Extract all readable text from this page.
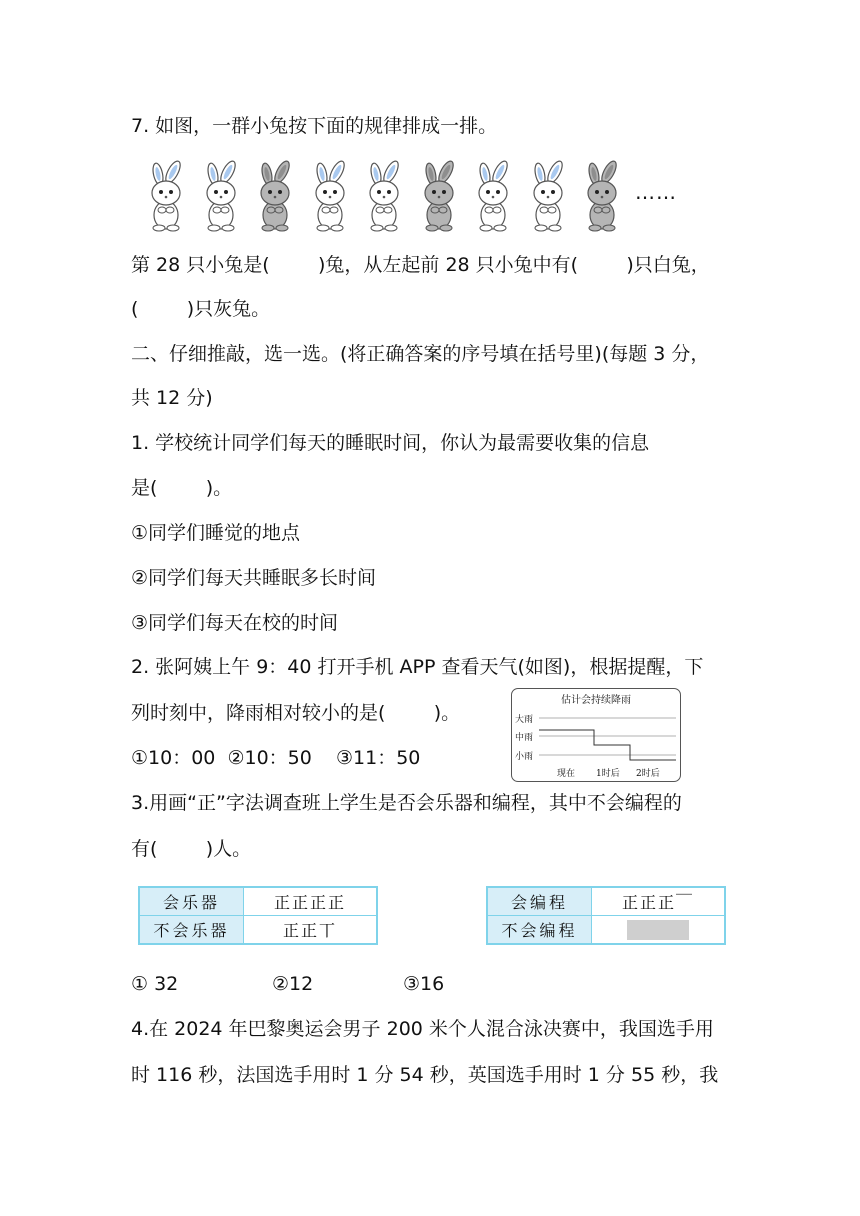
7. 如图，一群小兔按下面的规律排成一排。
……
第 28 只小兔是(        )兔，从左起前 28 只小兔中有(        )只白兔，
(        )只灰兔。
二、仔细推敲，选一选。(将正确答案的序号填在括号里)(每题 3 分，
共 12 分)
1. 学校统计同学们每天的睡眠时间，你认为最需要收集的信息
是(        )。
①同学们睡觉的地点
②同学们每天共睡眠多长时间
③同学们每天在校的时间
2. 张阿姨上午 9：40 打开手机 APP 查看天气(如图)，根据提醒，下
列时刻中，降雨相对较小的是(        )。
①10：00  ②10：50    ③11：50
估计会持续降雨
大雨
中雨
小雨
现在 1时后 2时后
3.用画“正”字法调查班上学生是否会乐器和编程，其中不会编程的
有(        )人。
会乐器	正正正正
不会乐器	正正丅
会编程	正正正￣
不会编程	
① 32	②12	③16
4.在 2024 年巴黎奥运会男子 200 米个人混合泳决赛中，我国选手用
时 116 秒，法国选手用时 1 分 54 秒，英国选手用时 1 分 55 秒，我
